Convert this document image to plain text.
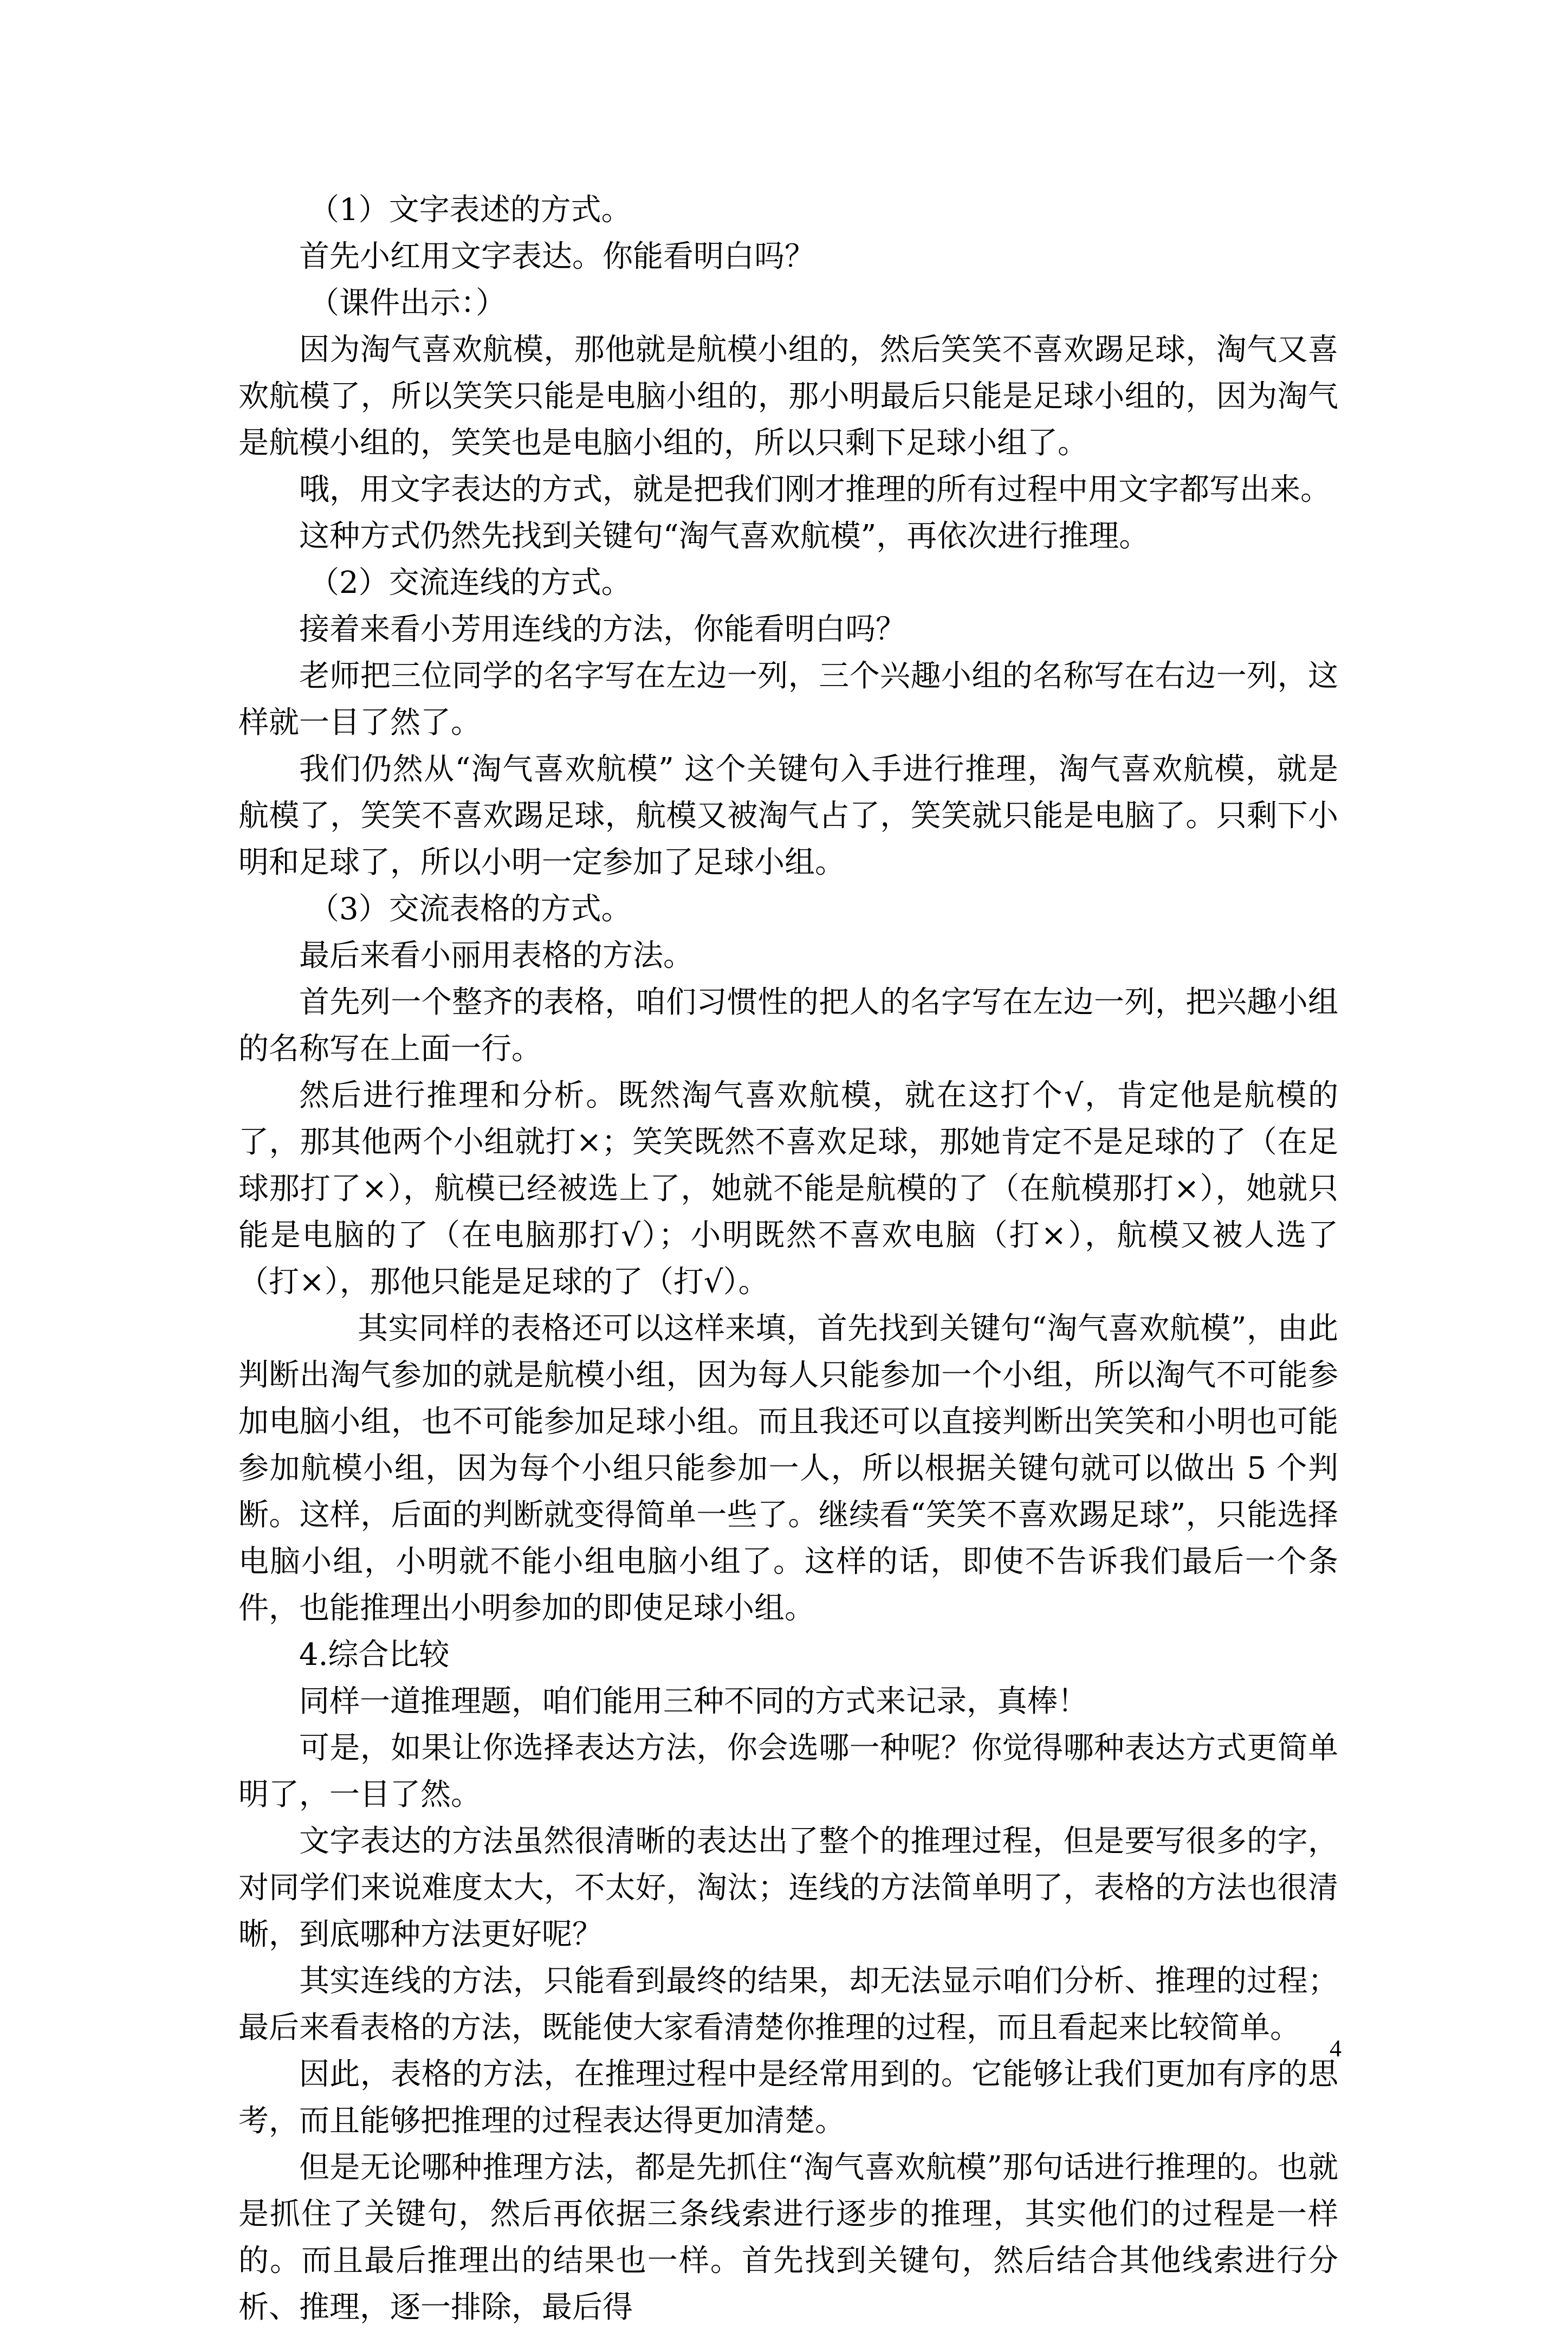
（1）文字表述的方式。

首先小红用文字表达。你能看明白吗？

（课件出示：）

因为淘气喜欢航模，那他就是航模小组的，然后笑笑不喜欢踢足球，淘气又喜欢航模了，所以笑笑只能是电脑小组的，那小明最后只能是足球小组的，因为淘气是航模小组的，笑笑也是电脑小组的，所以只剩下足球小组了。

哦，用文字表达的方式，就是把我们刚才推理的所有过程中用文字都写出来。

这种方式仍然先找到关键句“淘气喜欢航模”，再依次进行推理。

（2）交流连线的方式。

接着来看小芳用连线的方法，你能看明白吗？

老师把三位同学的名字写在左边一列，三个兴趣小组的名称写在右边一列，这样就一目了然了。

我们仍然从“淘气喜欢航模” 这个关键句入手进行推理，淘气喜欢航模，就是航模了，笑笑不喜欢踢足球，航模又被淘气占了，笑笑就只能是电脑了。只剩下小明和足球了，所以小明一定参加了足球小组。

（3）交流表格的方式。

最后来看小丽用表格的方法。

首先列一个整齐的表格，咱们习惯性的把人的名字写在左边一列，把兴趣小组的名称写在上面一行。

然后进行推理和分析。既然淘气喜欢航模，就在这打个√，肯定他是航模的了，那其他两个小组就打×；笑笑既然不喜欢足球，那她肯定不是足球的了（在足球那打了×），航模已经被选上了，她就不能是航模的了（在航模那打×），她就只能是电脑的了（在电脑那打√）；小明既然不喜欢电脑（打×），航模又被人选了（打×），那他只能是足球的了（打√）。

其实同样的表格还可以这样来填，首先找到关键句“淘气喜欢航模”，由此判断出淘气参加的就是航模小组，因为每人只能参加一个小组，所以淘气不可能参加电脑小组，也不可能参加足球小组。而且我还可以直接判断出笑笑和小明也可能参加航模小组，因为每个小组只能参加一人，所以根据关键句就可以做出 5 个判断。这样，后面的判断就变得简单一些了。继续看“笑笑不喜欢踢足球”，只能选择电脑小组，小明就不能小组电脑小组了。这样的话，即使不告诉我们最后一个条件，也能推理出小明参加的即使足球小组。

4.综合比较

同样一道推理题，咱们能用三种不同的方式来记录，真棒！

可是，如果让你选择表达方法，你会选哪一种呢？你觉得哪种表达方式更简单明了，一目了然。

文字表达的方法虽然很清晰的表达出了整个的推理过程，但是要写很多的字，对同学们来说难度太大，不太好，淘汰；连线的方法简单明了，表格的方法也很清晰，到底哪种方法更好呢？

其实连线的方法，只能看到最终的结果，却无法显示咱们分析、推理的过程；最后来看表格的方法，既能使大家看清楚你推理的过程，而且看起来比较简单。

因此，表格的方法，在推理过程中是经常用到的。它能够让我们更加有序的思考，而且能够把推理的过程表达得更加清楚。

但是无论哪种推理方法，都是先抓住“淘气喜欢航模”那句话进行推理的。也就是抓住了关键句，然后再依据三条线索进行逐步的推理，其实他们的过程是一样的。而且最后推理出的结果也一样。首先找到关键句，然后结合其他线索进行分析、推理，逐一排除，最后得

4
